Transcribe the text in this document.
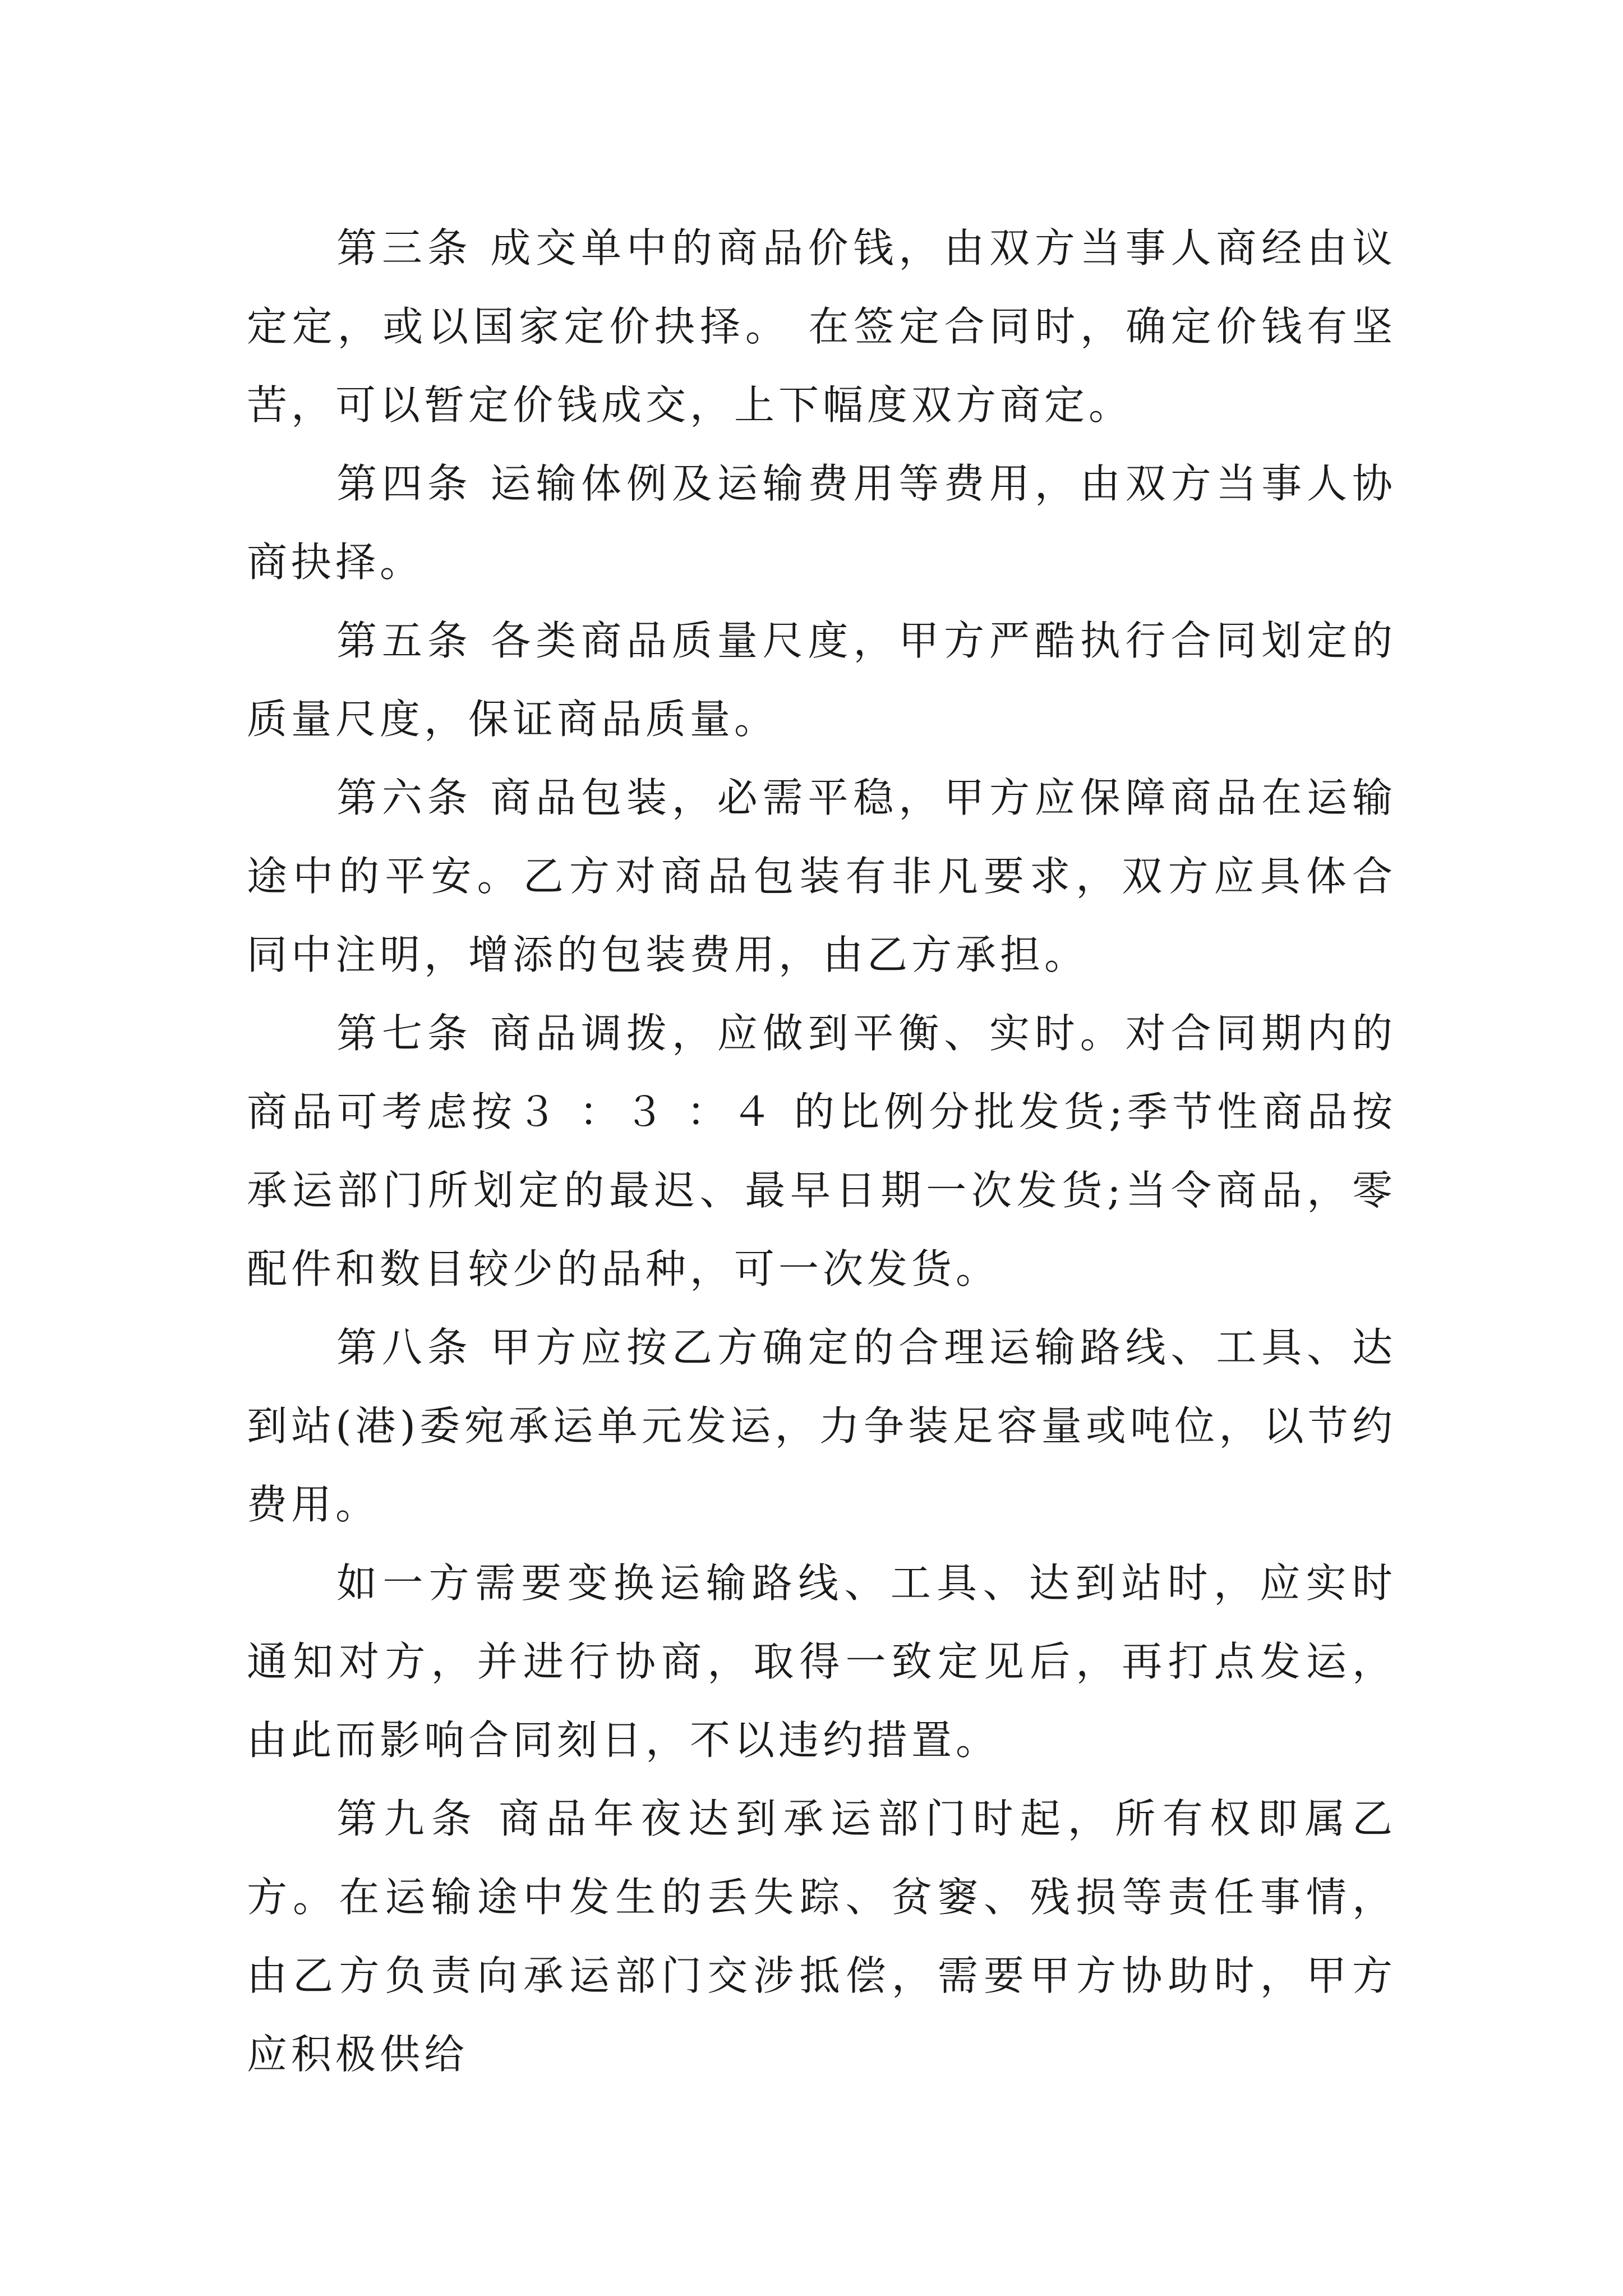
第三条 成交单中的商品价钱，由双方当事人商经由议定定，或以国家定价抉择。 在签定合同时，确定价钱有坚苦，可以暂定价钱成交，上下幅度双方商定。

第四条 运输体例及运输费用等费用，由双方当事人协商抉择。

第五条 各类商品质量尺度，甲方严酷执行合同划定的质量尺度，保证商品质量。

第六条 商品包装，必需平稳，甲方应保障商品在运输途中的平安。乙方对商品包装有非凡要求，双方应具体合同中注明，增添的包装费用，由乙方承担。

第七条 商品调拨，应做到平衡、实时。对合同期内的商品可考虑按３ ：３ ：４ 的比例分批发货;季节性商品按承运部门所划定的最迟、最早日期一次发货;当令商品，零配件和数目较少的品种，可一次发货。

第八条 甲方应按乙方确定的合理运输路线、工具、达到站(港)委宛承运单元发运，力争装足容量或吨位，以节约费用。

如一方需要变换运输路线、工具、达到站时，应实时通知对方，并进行协商，取得一致定见后，再打点发运，由此而影响合同刻日，不以违约措置。

第九条 商品年夜达到承运部门时起，所有权即属乙方。在运输途中发生的丢失踪、贫窭、残损等责任事情，由乙方负责向承运部门交涉抵偿，需要甲方协助时，甲方应积极供给
